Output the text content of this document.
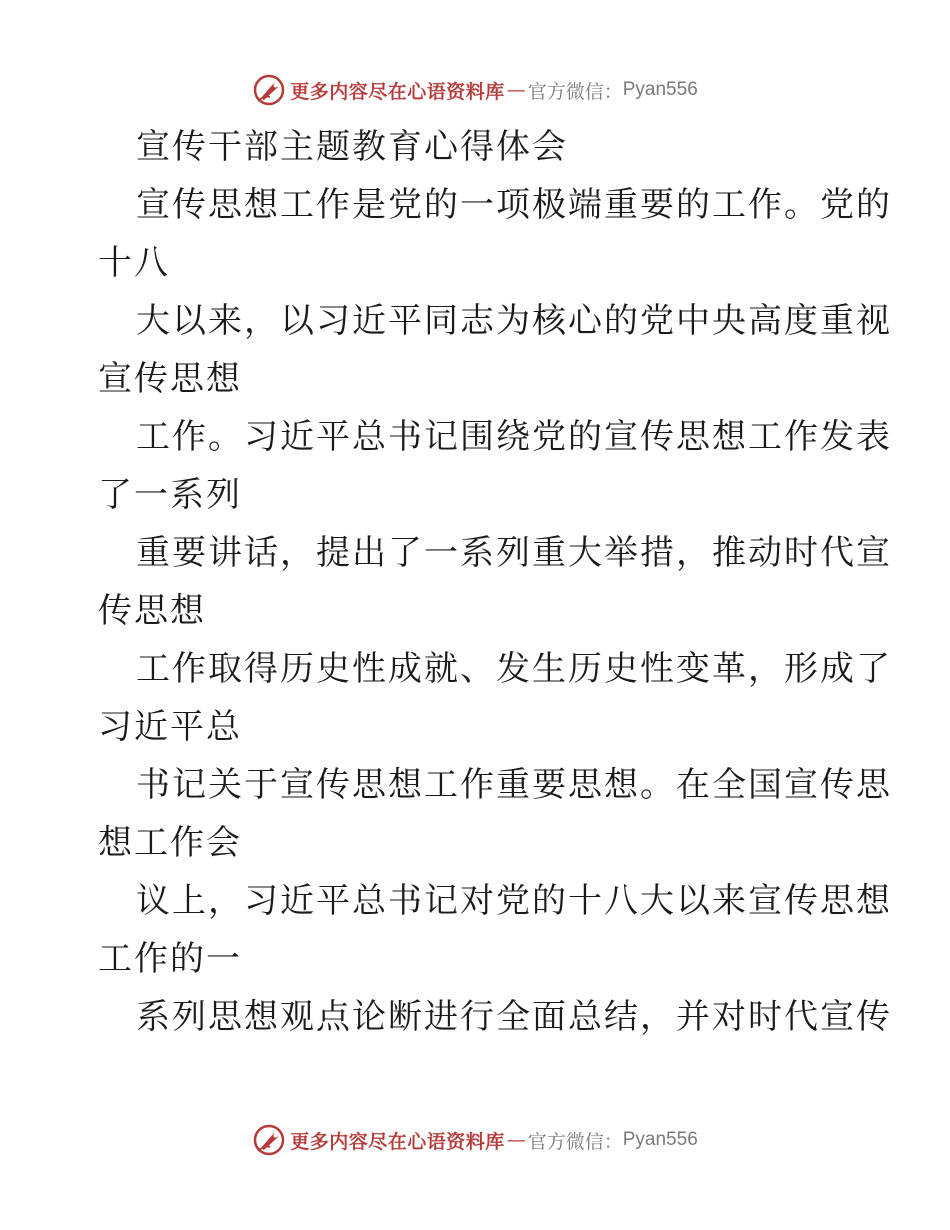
更多内容尽在心语资料库 — 官方微信： Pyan556
宣传干部主题教育心得体会
宣传思想工作是党的一项极端重要的工作。党的
十八
大以来，以习近平同志为核心的党中央高度重视
宣传思想
工作。习近平总书记围绕党的宣传思想工作发表
了一系列
重要讲话，提出了一系列重大举措，推动时代宣
传思想
工作取得历史性成就、发生历史性变革，形成了
习近平总
书记关于宣传思想工作重要思想。在全国宣传思
想工作会
议上，习近平总书记对党的十八大以来宣传思想
工作的一
系列思想观点论断进行全面总结，并对时代宣传
更多内容尽在心语资料库 — 官方微信： Pyan556
